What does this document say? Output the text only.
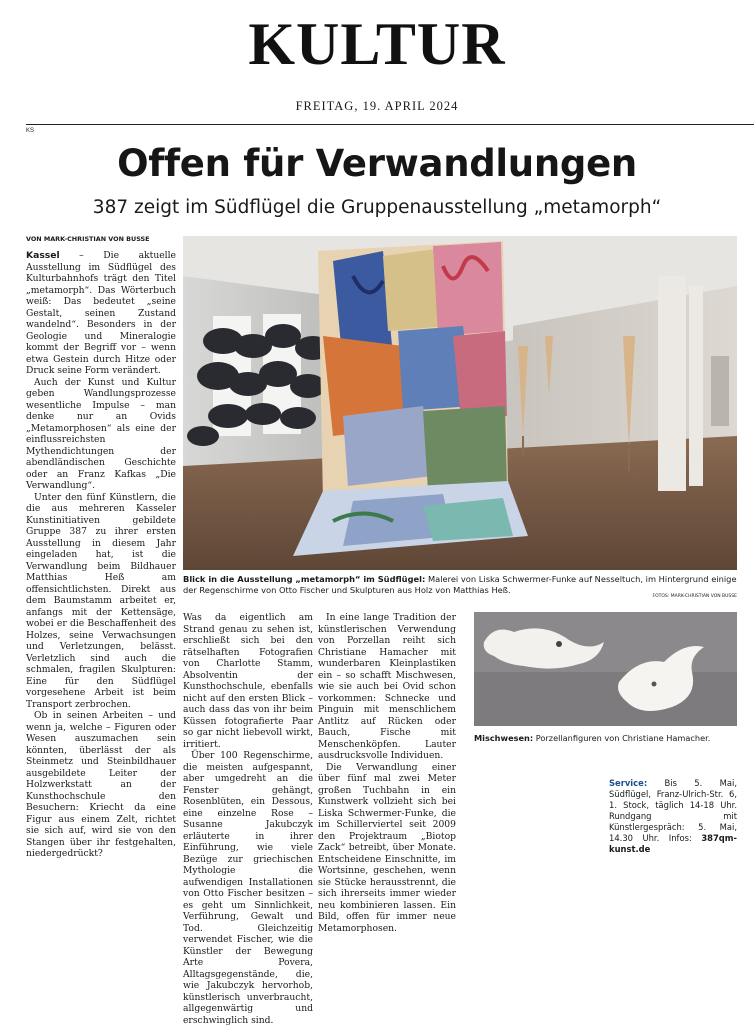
KULTUR
FREITAG, 19. APRIL 2024
KS
Offen für Verwandlungen
387 zeigt im Südflügel die Gruppenausstellung „metamorph“
VON MARK-CHRISTIAN VON BUSSE

Kassel – Die aktuelle Ausstellung im Südflügel des Kulturbahnhofs trägt den Titel „metamorph“. Das Wörterbuch weiß: Das bedeutet „seine Gestalt, seinen Zustand wandelnd“. Besonders in der Geologie und Mineralogie kommt der Begriff vor – wenn etwa Gestein durch Hitze oder Druck seine Form verändert.

Auch der Kunst und Kultur geben Wandlungsprozesse wesentliche Impulse – man denke nur an Ovids „Metamorphosen“ als eine der einflussreichsten Mythendichtungen der abendländischen Geschichte oder an Franz Kafkas „Die Verwandlung“.

Unter den fünf Künstlern, die die aus mehreren Kasseler Kunstinitiativen gebildete Gruppe 387 zu ihrer ersten Ausstellung in diesem Jahr eingeladen hat, ist die Verwandlung beim Bildhauer Matthias Heß am offensichtlichsten. Direkt aus dem Baumstamm arbeitet er, anfangs mit der Kettensäge, wobei er die Beschaffenheit des Holzes, seine Verwachsungen und Verletzungen, belässt. Verletzlich sind auch die schmalen, fragilen Skulpturen: Eine für den Südflügel vorgesehene Arbeit ist beim Transport zerbrochen.

Ob in seinen Arbeiten – und wenn ja, welche – Figuren oder Wesen auszumachen sein könnten, überlässt der als Steinmetz und Steinbildhauer ausgebildete Leiter der Holzwerkstatt an der Kunsthochschule den Besuchern: Kriecht da eine Figur aus einem Zelt, richtet sie sich auf, wird sie von den Stangen über ihr festgehalten, niedergedrückt?

Blick in die Ausstellung „metamorph“ im Südflügel: Malerei von Liska Schwermer-Funke auf Nesseltuch, im Hintergrund einige der Regenschirme von Otto Fischer und Skulpturen aus Holz von Matthias Heß.
FOTOS: MARK-CHRISTIAN VON BUSSE

Was da eigentlich am Strand genau zu sehen ist, erschließt sich bei den rätselhaften Fotografien von Charlotte Stamm, Absolventin der Kunsthochschule, ebenfalls nicht auf den ersten Blick – auch dass das von ihr beim Küssen fotografierte Paar so gar nicht liebevoll wirkt, irritiert.

Über 100 Regenschirme, die meisten aufgespannt, aber umgedreht an die Fenster gehängt, Rosenblüten, ein Dessous, eine einzelne Rose – Susanne Jakubczyk erläuterte in ihrer Einführung, wie viele Bezüge zur griechischen Mythologie die aufwendigen Installationen von Otto Fischer besitzen – es geht um Sinnlichkeit, Verführung, Gewalt und Tod. Gleichzeitig verwendet Fischer, wie die Künstler der Bewegung Arte Povera, Alltagsgegenstände, die, wie Jakubczyk hervorhob, künstlerisch unverbraucht, allgegenwärtig und erschwinglich sind.

In eine lange Tradition der künstlerischen Verwendung von Porzellan reiht sich Christiane Hamacher mit wunderbaren Kleinplastiken ein – so schafft Mischwesen, wie sie auch bei Ovid schon vorkommen: Schnecke und Pinguin mit menschlichem Antlitz auf Rücken oder Bauch, Fische mit Menschenköpfen. Lauter ausdrucksvolle Individuen.

Die Verwandlung einer über fünf mal zwei Meter großen Tuchbahn in ein Kunstwerk vollzieht sich bei Liska Schwermer-Funke, die im Schillerviertel seit 2009 den Projektraum „Biotop Zack“ betreibt, über Monate. Entscheidene Einschnitte, im Wortsinne, geschehen, wenn sie Stücke herausstrennt, die sich ihrerseits immer wieder neu kombinieren lassen. Ein Bild, offen für immer neue Metamorphosen.

Mischwesen: Porzellanfiguren von Christiane Hamacher.

Service: Bis 5. Mai, Südflügel, Franz-Ulrich-Str. 6, 1. Stock, täglich 14-18 Uhr. Rundgang mit Künstlergespräch: 5. Mai, 14.30 Uhr. Infos: 387qm-kunst.de
